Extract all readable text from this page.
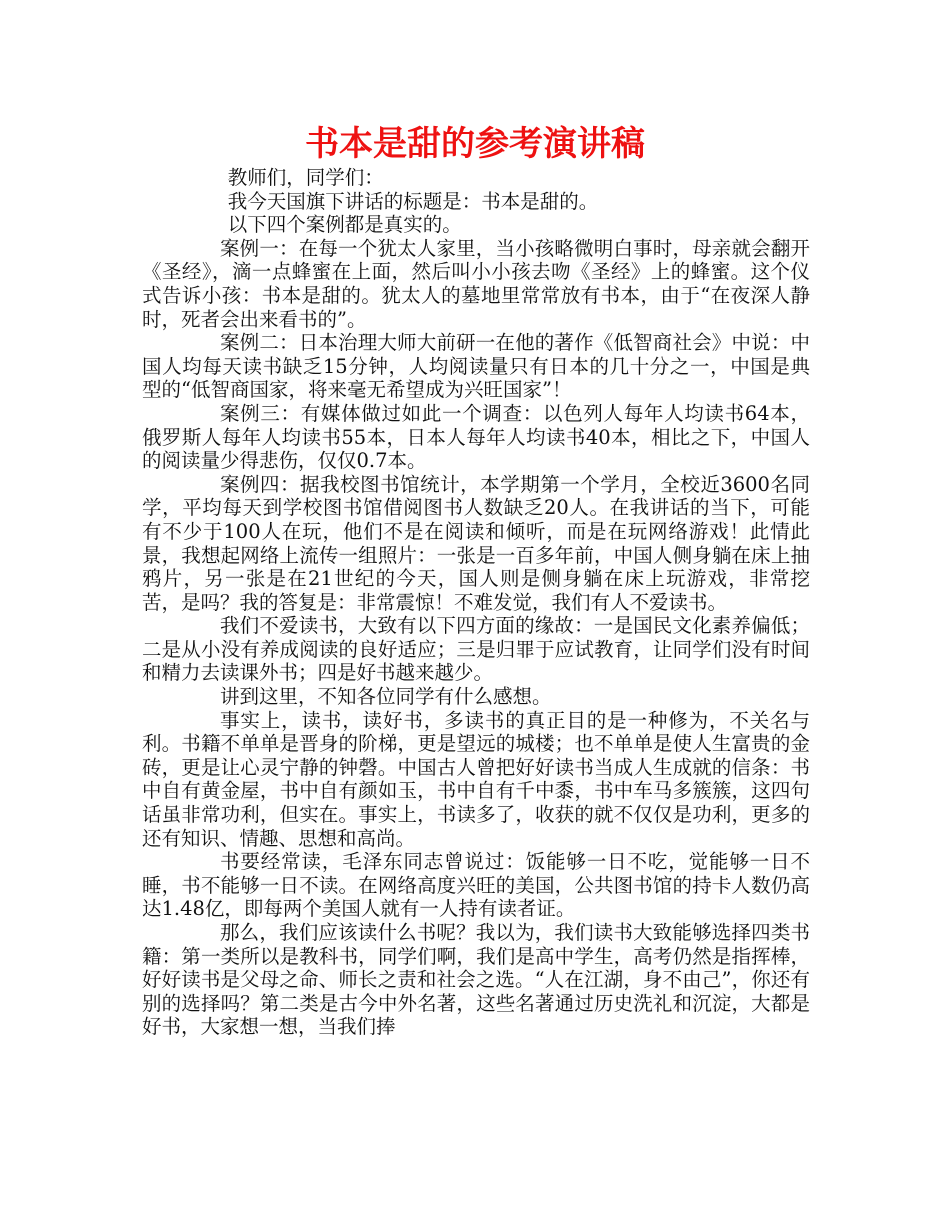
书本是甜的参考演讲稿

教师们，同学们：

我今天国旗下讲话的标题是：书本是甜的。

以下四个案例都是真实的。

案例一：在每一个犹太人家里，当小孩略微明白事时，母亲就会翻开《圣经》，滴一点蜂蜜在上面，然后叫小小孩去吻《圣经》上的蜂蜜。这个仪式告诉小孩：书本是甜的。犹太人的墓地里常常放有书本，由于“在夜深人静时，死者会出来看书的”。

案例二：日本治理大师大前研一在他的著作《低智商社会》中说：中国人均每天读书缺乏15分钟，人均阅读量只有日本的几十分之一，中国是典型的“低智商国家，将来毫无希望成为兴旺国家”！

案例三：有媒体做过如此一个调查：以色列人每年人均读书64本，俄罗斯人每年人均读书55本，日本人每年人均读书40本，相比之下，中国人的阅读量少得悲伤，仅仅0.7本。

案例四：据我校图书馆统计，本学期第一个学月，全校近3600名同学，平均每天到学校图书馆借阅图书人数缺乏20人。在我讲话的当下，可能有不少于100人在玩，他们不是在阅读和倾听，而是在玩网络游戏！此情此景，我想起网络上流传一组照片：一张是一百多年前，中国人侧身躺在床上抽鸦片，另一张是在21世纪的今天，国人则是侧身躺在床上玩游戏，非常挖苦，是吗？我的答复是：非常震惊！不难发觉，我们有人不爱读书。

我们不爱读书，大致有以下四方面的缘故：一是国民文化素养偏低；二是从小没有养成阅读的良好适应；三是归罪于应试教育，让同学们没有时间和精力去读课外书；四是好书越来越少。

讲到这里，不知各位同学有什么感想。

事实上，读书，读好书，多读书的真正目的是一种修为，不关名与利。书籍不单单是晋身的阶梯，更是望远的城楼；也不单单是使人生富贵的金砖，更是让心灵宁静的钟磬。中国古人曾把好好读书当成人生成就的信条：书中自有黄金屋，书中自有颜如玉，书中自有千中黍，书中车马多簇簇，这四句话虽非常功利，但实在。事实上，书读多了，收获的就不仅仅是功利，更多的还有知识、情趣、思想和高尚。

书要经常读，毛泽东同志曾说过：饭能够一日不吃，觉能够一日不睡，书不能够一日不读。在网络高度兴旺的美国，公共图书馆的持卡人数仍高达1.48亿，即每两个美国人就有一人持有读者证。

那么，我们应该读什么书呢？我以为，我们读书大致能够选择四类书籍：第一类所以是教科书，同学们啊，我们是高中学生，高考仍然是指挥棒，好好读书是父母之命、师长之责和社会之选。“人在江湖，身不由己”，你还有别的选择吗？第二类是古今中外名著，这些名著通过历史洗礼和沉淀，大都是好书，大家想一想，当我们捧
